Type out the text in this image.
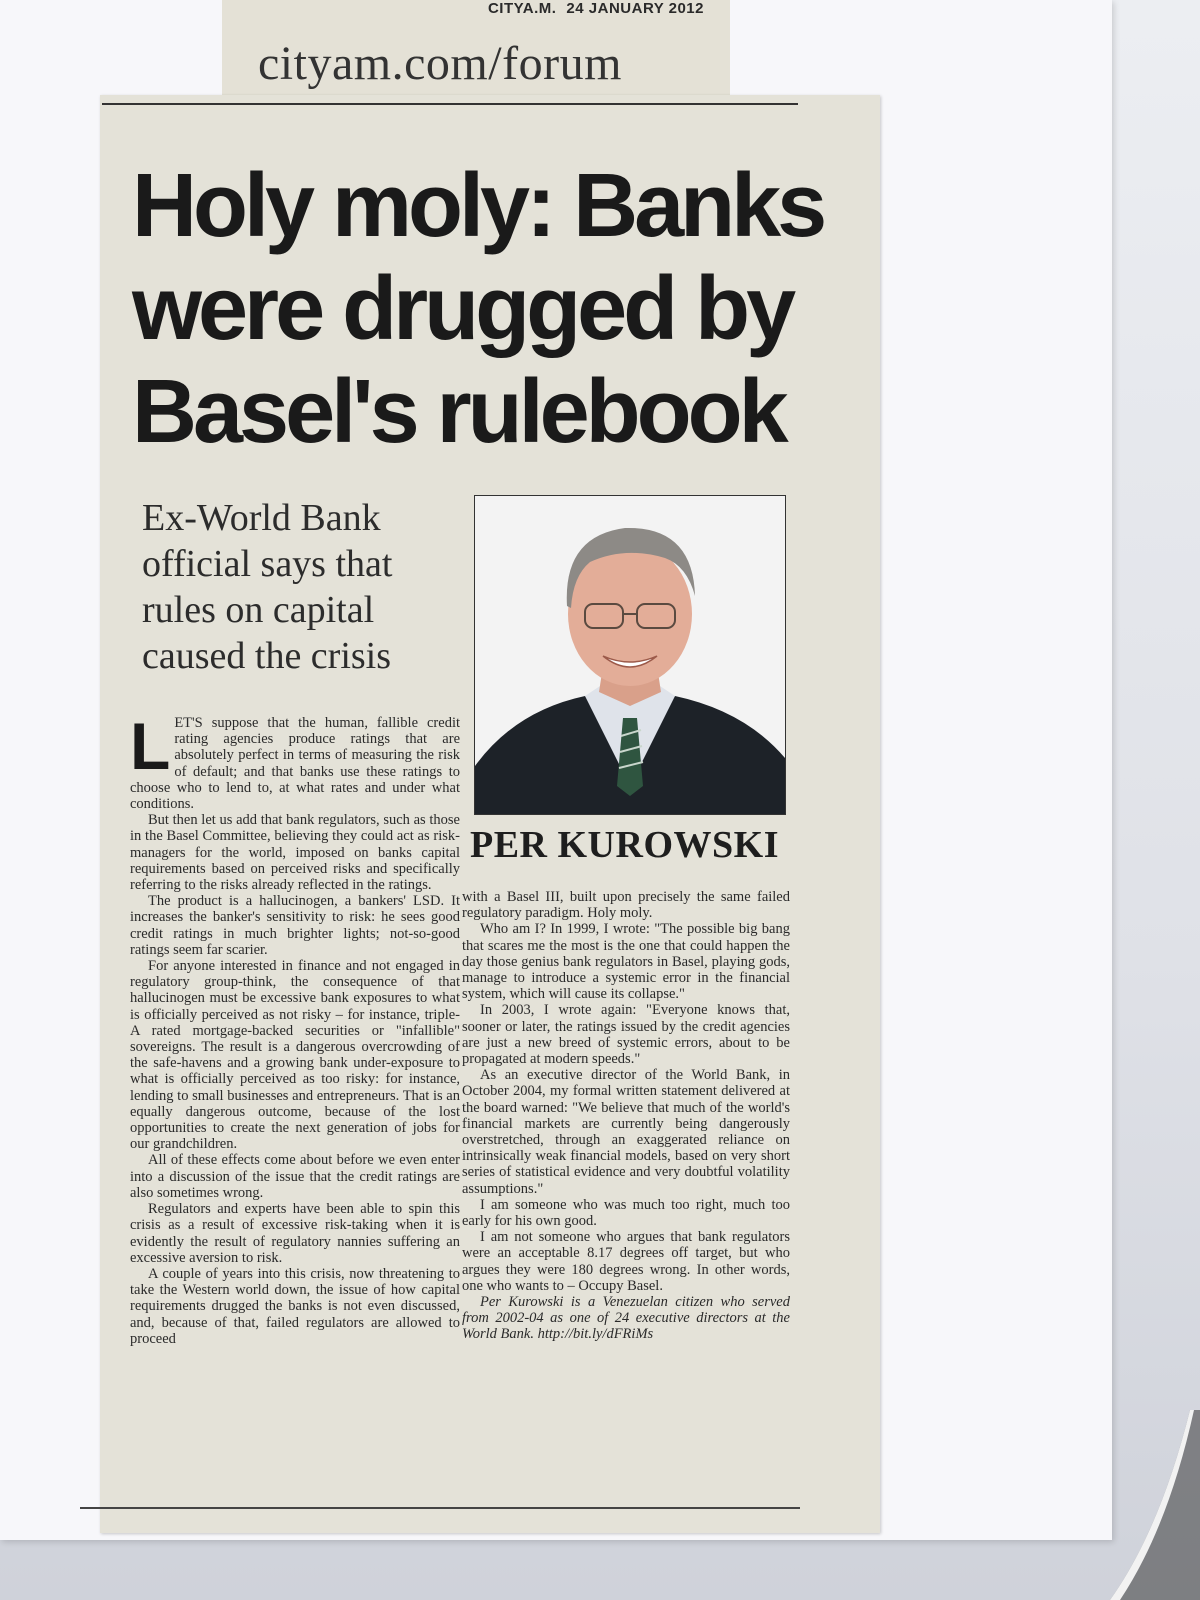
CITYA.M. 24 JANUARY 2012
cityam.com/forum
Holy moly: Banks
were drugged by
Basel's rulebook

Ex-World Bank official says that rules on capital caused the crisis

PER KUROWSKI

LET'S suppose that the human, fallible credit rating agencies produce ratings that are absolutely perfect in terms of measuring the risk of default; and that banks use these ratings to choose who to lend to, at what rates and under what conditions.

But then let us add that bank regulators, such as those in the Basel Committee, believing they could act as risk-managers for the world, imposed on banks capital requirements based on perceived risks and specifically referring to the risks already reflected in the ratings.

The product is a hallucinogen, a bankers' LSD. It increases the banker's sensitivity to risk: he sees good credit ratings in much brighter lights; not-so-good ratings seem far scarier.

For anyone interested in finance and not engaged in regulatory group-think, the consequence of that hallucinogen must be excessive bank exposures to what is officially perceived as not risky – for instance, triple-A rated mortgage-backed securities or "infallible" sovereigns. The result is a dangerous overcrowding of the safe-havens and a growing bank under-exposure to what is officially perceived as too risky: for instance, lending to small businesses and entrepreneurs. That is an equally dangerous outcome, because of the lost opportunities to create the next generation of jobs for our grandchildren.

All of these effects come about before we even enter into a discussion of the issue that the credit ratings are also sometimes wrong.

Regulators and experts have been able to spin this crisis as a result of excessive risk-taking when it is evidently the result of regulatory nannies suffering an excessive aversion to risk.

A couple of years into this crisis, now threatening to take the Western world down, the issue of how capital requirements drugged the banks is not even discussed, and, because of that, failed regulators are allowed to proceed

with a Basel III, built upon precisely the same failed regulatory paradigm. Holy moly.

Who am I? In 1999, I wrote: "The possible big bang that scares me the most is the one that could happen the day those genius bank regulators in Basel, playing gods, manage to introduce a systemic error in the financial system, which will cause its collapse."

In 2003, I wrote again: "Everyone knows that, sooner or later, the ratings issued by the credit agencies are just a new breed of systemic errors, about to be propagated at modern speeds."

As an executive director of the World Bank, in October 2004, my formal written statement delivered at the board warned: "We believe that much of the world's financial markets are currently being dangerously overstretched, through an exaggerated reliance on intrinsically weak financial models, based on very short series of statistical evidence and very doubtful volatility assumptions."

I am someone who was much too right, much too early for his own good.

I am not someone who argues that bank regulators were an acceptable 8.17 degrees off target, but who argues they were 180 degrees wrong. In other words, one who wants to – Occupy Basel.

Per Kurowski is a Venezuelan citizen who served from 2002-04 as one of 24 executive directors at the World Bank. http://bit.ly/dFRiMs
